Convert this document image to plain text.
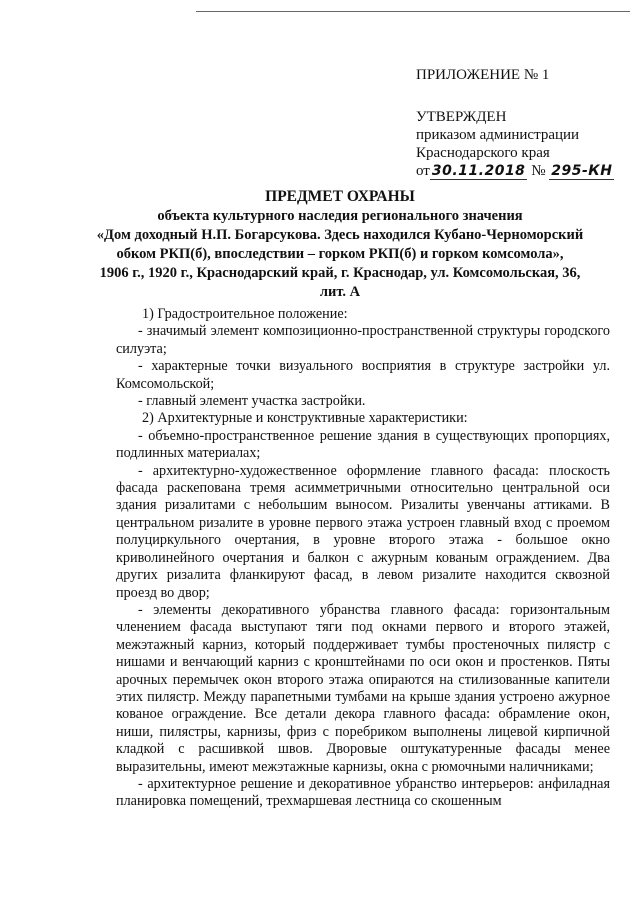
ПРИЛОЖЕНИЕ № 1
УТВЕРЖДЕН
приказом администрации
Краснодарского края
от 30.11.2018 № 295-КН
ПРЕДМЕТ ОХРАНЫ
объекта культурного наследия регионального значения
«Дом доходный Н.П. Богарсукова. Здесь находился Кубано-Черноморский
обком РКП(б), впоследствии – горком РКП(б) и горком комсомола»,
1906 г., 1920 г., Краснодарский край, г. Краснодар, ул. Комсомольская, 36,
лит. А

1) Градостроительное положение:

- значимый элемент композиционно-пространственной структуры городского силуэта;

- характерные точки визуального восприятия в структуре застройки ул. Комсомольской;

- главный элемент участка застройки.

2) Архитектурные и конструктивные характеристики:

- объемно-пространственное решение здания в существующих пропорциях, подлинных материалах;

- архитектурно-художественное оформление главного фасада: плоскость фасада раскепована тремя асимметричными относительно центральной оси здания ризалитами с небольшим выносом. Ризалиты увенчаны аттиками. В центральном ризалите в уровне первого этажа устроен главный вход с проемом полуциркульного очертания, в уровне второго этажа - большое окно криволинейного очертания и балкон с ажурным кованым ограждением. Два других ризалита фланкируют фасад, в левом ризалите находится сквозной проезд во двор;

- элементы декоративного убранства главного фасада: горизонтальным членением фасада выступают тяги под окнами первого и второго этажей, межэтажный карниз, который поддерживает тумбы простеночных пилястр с нишами и венчающий карниз с кронштейнами по оси окон и простенков. Пяты арочных перемычек окон второго этажа опираются на стилизованные капители этих пилястр. Между парапетными тумбами на крыше здания устроено ажурное кованое ограждение. Все детали декора главного фасада: обрамление окон, ниши, пилястры, карнизы, фриз с поребриком выполнены лицевой кирпичной кладкой с расшивкой швов. Дворовые оштукатуренные фасады менее выразительны, имеют межэтажные карнизы, окна с рюмочными наличниками;

- архитектурное решение и декоративное убранство интерьеров: анфиладная планировка помещений, трехмаршевая лестница со скошенным
